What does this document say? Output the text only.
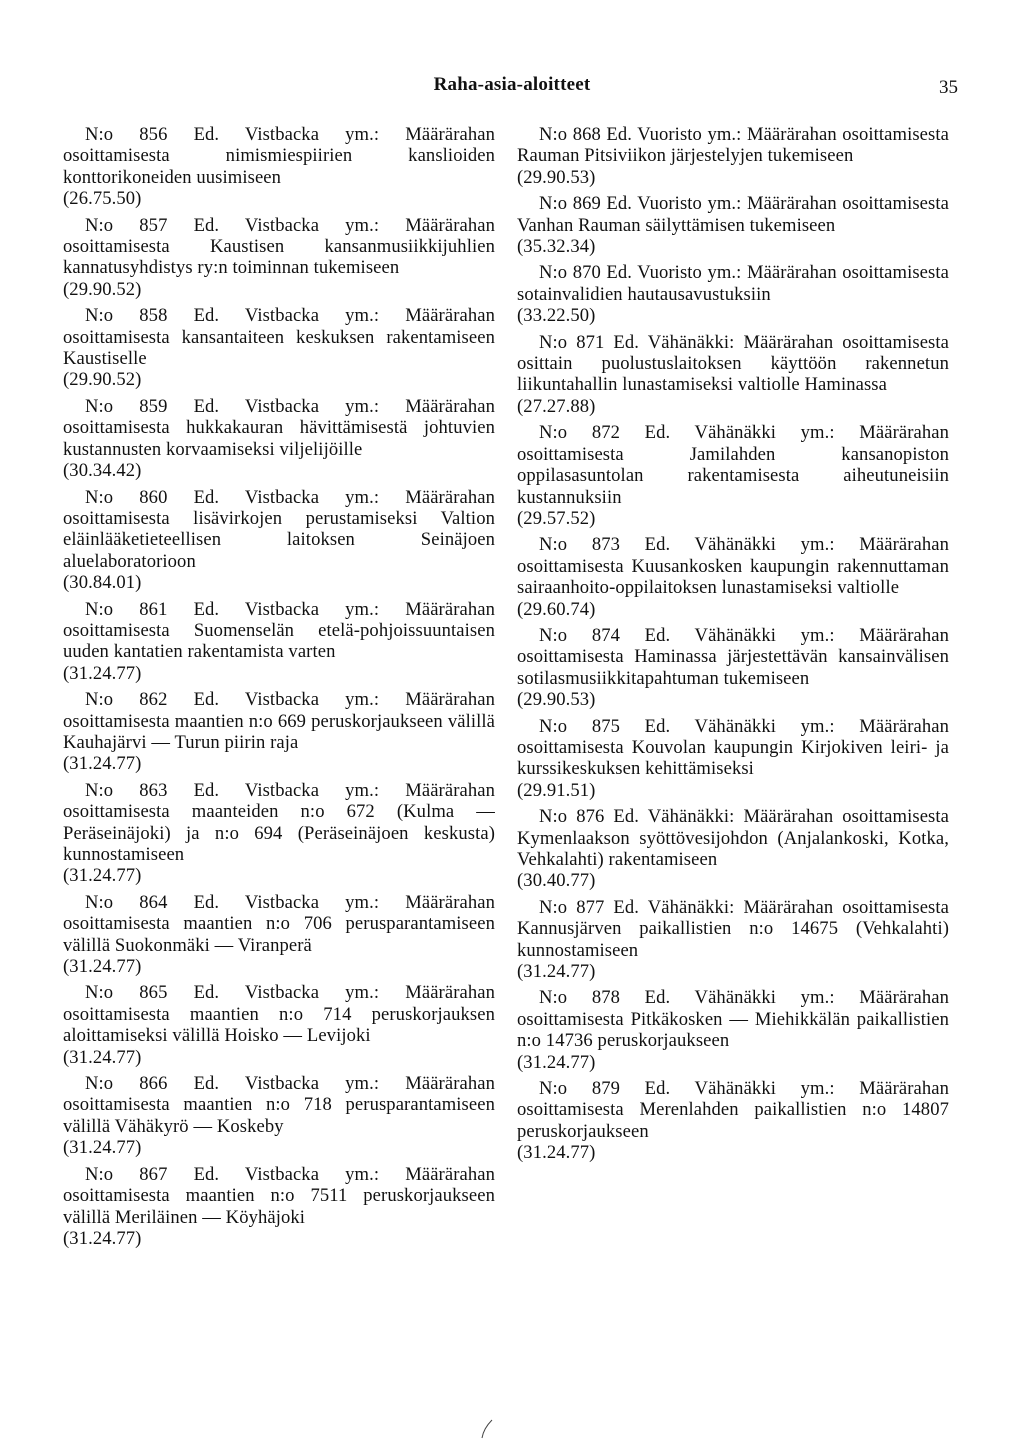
Raha-asia-aloitteet	35
N:o 856 Ed. Vistbacka ym.: Määrärahan osoittamisesta nimismiespiirien kanslioiden konttorikoneiden uusimiseen
(26.75.50)
N:o 857 Ed. Vistbacka ym.: Määrärahan osoittamisesta Kaustisen kansanmusiikkijuhlien kannatusyhdistys ry:n toiminnan tukemiseen
(29.90.52)
N:o 858 Ed. Vistbacka ym.: Määrärahan osoittamisesta kansantaiteen keskuksen rakentamiseen Kaustiselle
(29.90.52)
N:o 859 Ed. Vistbacka ym.: Määrärahan osoittamisesta hukkakauran hävittämisestä johtuvien kustannusten korvaamiseksi viljelijöille
(30.34.42)
N:o 860 Ed. Vistbacka ym.: Määrärahan osoittamisesta lisävirkojen perustamiseksi Valtion eläinlääketieteellisen laitoksen Seinäjoen aluelaboratorioon
(30.84.01)
N:o 861 Ed. Vistbacka ym.: Määrärahan osoittamisesta Suomenselän etelä-pohjoissuuntaisen uuden kantatien rakentamista varten
(31.24.77)
N:o 862 Ed. Vistbacka ym.: Määrärahan osoittamisesta maantien n:o 669 peruskorjaukseen välillä Kauhajärvi — Turun piirin raja
(31.24.77)
N:o 863 Ed. Vistbacka ym.: Määrärahan osoittamisesta maanteiden n:o 672 (Kulma — Peräseinäjoki) ja n:o 694 (Peräseinäjoen keskusta) kunnostamiseen
(31.24.77)
N:o 864 Ed. Vistbacka ym.: Määrärahan osoittamisesta maantien n:o 706 perusparantamiseen välillä Suokonmäki — Viranperä
(31.24.77)
N:o 865 Ed. Vistbacka ym.: Määrärahan osoittamisesta maantien n:o 714 peruskorjauksen aloittamiseksi välillä Hoisko — Levijoki
(31.24.77)
N:o 866 Ed. Vistbacka ym.: Määrärahan osoittamisesta maantien n:o 718 perusparantamiseen välillä Vähäkyrö — Koskeby
(31.24.77)
N:o 867 Ed. Vistbacka ym.: Määrärahan osoittamisesta maantien n:o 7511 peruskorjaukseen välillä Meriläinen — Köyhäjoki
(31.24.77)
N:o 868 Ed. Vuoristo ym.: Määrärahan osoittamisesta Rauman Pitsiviikon järjestelyjen tukemiseen
(29.90.53)
N:o 869 Ed. Vuoristo ym.: Määrärahan osoittamisesta Vanhan Rauman säilyttämisen tukemiseen
(35.32.34)
N:o 870 Ed. Vuoristo ym.: Määrärahan osoittamisesta sotainvalidien hautausavustuksiin
(33.22.50)
N:o 871 Ed. Vähänäkki: Määrärahan osoittamisesta osittain puolustuslaitoksen käyttöön rakennetun liikuntahallin lunastamiseksi valtiolle Haminassa
(27.27.88)
N:o 872 Ed. Vähänäkki ym.: Määrärahan osoittamisesta Jamilahden kansanopiston oppilasasuntolan rakentamisesta aiheutuneisiin kustannuksiin
(29.57.52)
N:o 873 Ed. Vähänäkki ym.: Määrärahan osoittamisesta Kuusankosken kaupungin rakennuttaman sairaanhoito-oppilaitoksen lunastamiseksi valtiolle
(29.60.74)
N:o 874 Ed. Vähänäkki ym.: Määrärahan osoittamisesta Haminassa järjestettävän kansainvälisen sotilasmusiikkitapahtuman tukemiseen
(29.90.53)
N:o 875 Ed. Vähänäkki ym.: Määrärahan osoittamisesta Kouvolan kaupungin Kirjokiven leiri- ja kurssikeskuksen kehittämiseksi
(29.91.51)
N:o 876 Ed. Vähänäkki: Määrärahan osoittamisesta Kymenlaakson syöttövesijohdon (Anjalankoski, Kotka, Vehkalahti) rakentamiseen
(30.40.77)
N:o 877 Ed. Vähänäkki: Määrärahan osoittamisesta Kannusjärven paikallistien n:o 14675 (Vehkalahti) kunnostamiseen
(31.24.77)
N:o 878 Ed. Vähänäkki ym.: Määrärahan osoittamisesta Pitkäkosken — Miehikkälän paikallistien n:o 14736 peruskorjaukseen
(31.24.77)
N:o 879 Ed. Vähänäkki ym.: Määrärahan osoittamisesta Merenlahden paikallistien n:o 14807 peruskorjaukseen
(31.24.77)
